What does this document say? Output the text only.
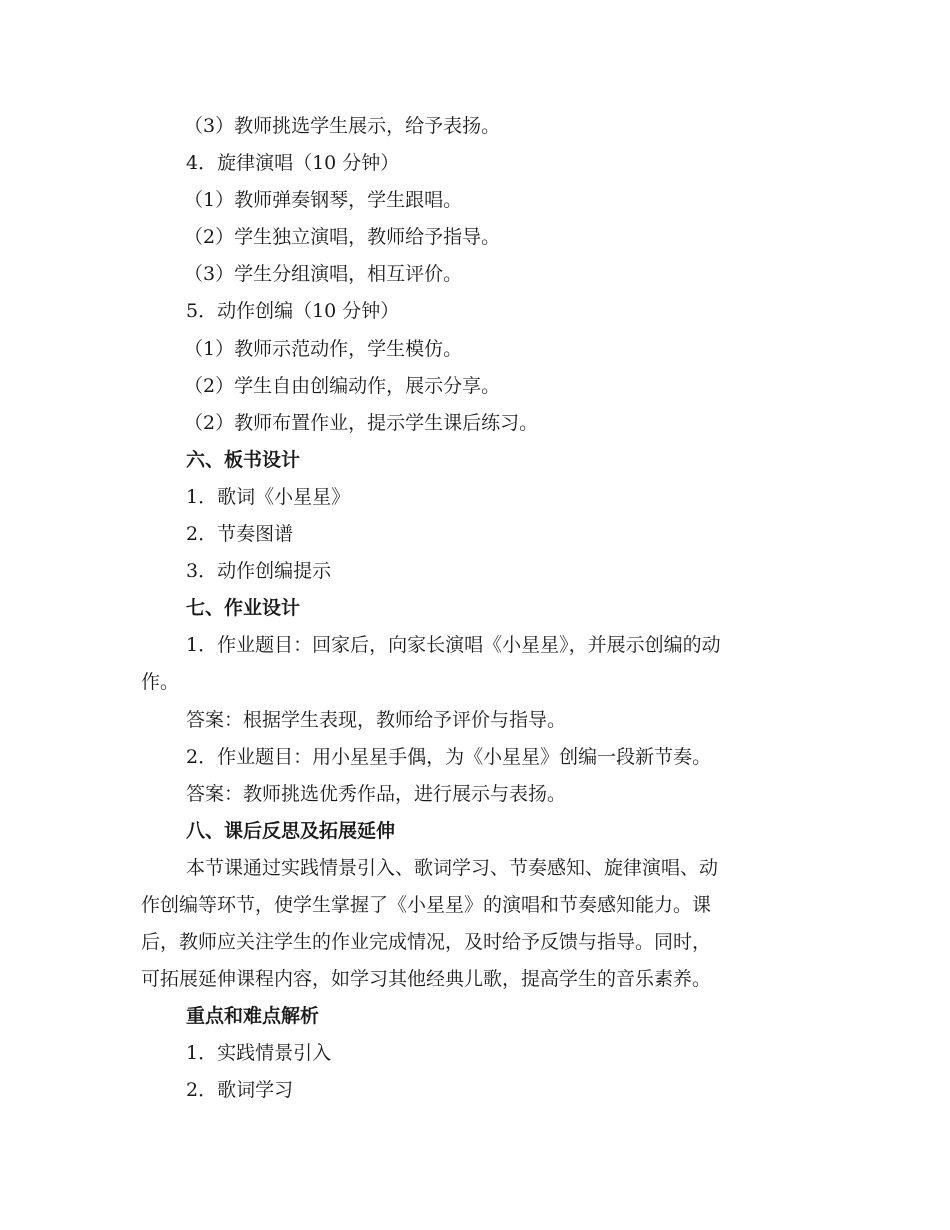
（3）教师挑选学生展示，给予表扬。
4．旋律演唱（10 分钟）
（1）教师弹奏钢琴，学生跟唱。
（2）学生独立演唱，教师给予指导。
（3）学生分组演唱，相互评价。
5．动作创编（10 分钟）
（1）教师示范动作，学生模仿。
（2）学生自由创编动作，展示分享。
（2）教师布置作业，提示学生课后练习。
六、板书设计
1．歌词《小星星》
2．节奏图谱
3．动作创编提示
七、作业设计
1．作业题目：回家后，向家长演唱《小星星》，并展示创编的动
作。
答案：根据学生表现，教师给予评价与指导。
2．作业题目：用小星星手偶，为《小星星》创编一段新节奏。
答案：教师挑选优秀作品，进行展示与表扬。
八、课后反思及拓展延伸
本节课通过实践情景引入、歌词学习、节奏感知、旋律演唱、动
作创编等环节，使学生掌握了《小星星》的演唱和节奏感知能力。课
后，教师应关注学生的作业完成情况，及时给予反馈与指导。同时，
可拓展延伸课程内容，如学习其他经典儿歌，提高学生的音乐素养。
重点和难点解析
1．实践情景引入
2．歌词学习
